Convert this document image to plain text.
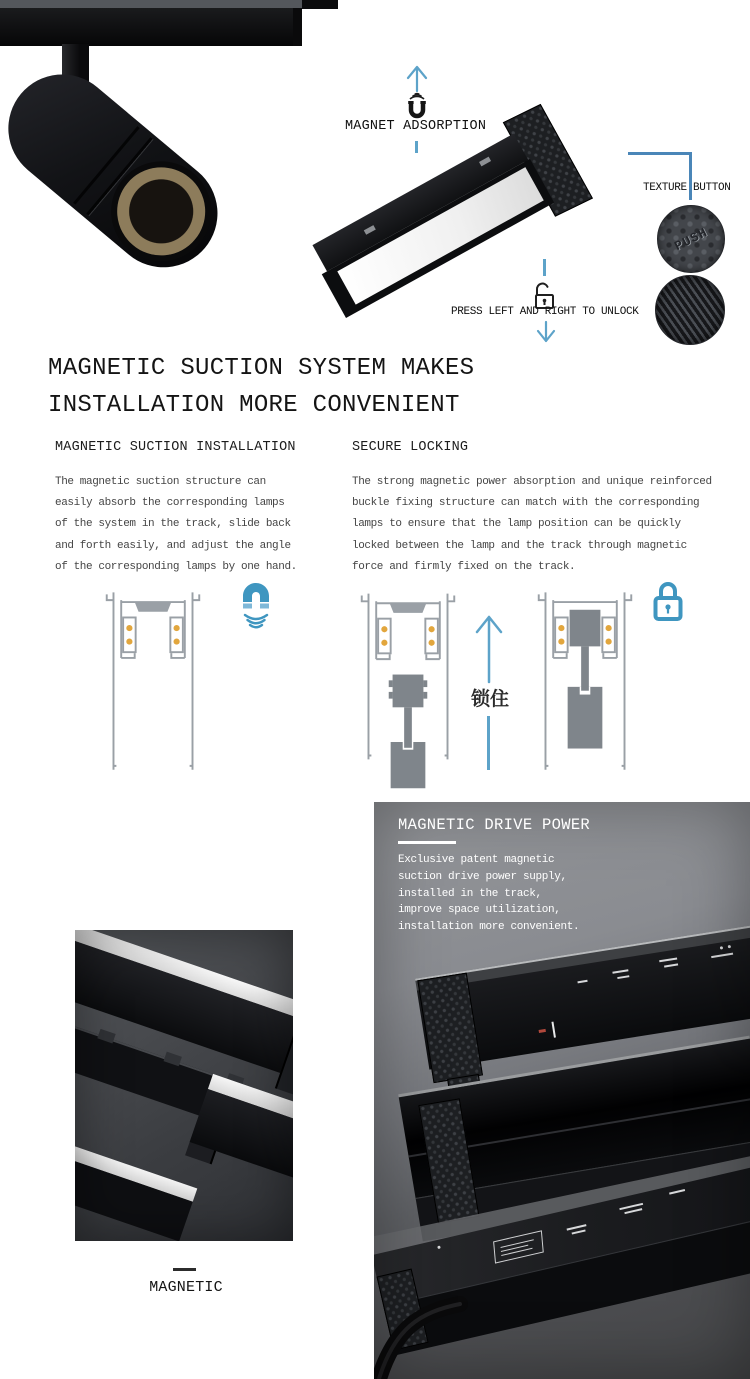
MAGNET ADSORPTION
TEXTURE BUTTON
PUSH
PRESS LEFT AND RIGHT TO UNLOCK
MAGNETIC SUCTION SYSTEM MAKES
INSTALLATION MORE CONVENIENT
MAGNETIC SUCTION INSTALLATION
The magnetic suction structure can
easily absorb the corresponding lamps
of the system in the track, slide back
and forth easily, and adjust the angle
of the corresponding lamps by one hand.
SECURE LOCKING
The strong magnetic power absorption and unique reinforced
buckle fixing structure can match with the corresponding
lamps to ensure that the lamp position can be quickly
locked between the lamp and the track through magnetic
force and firmly fixed on the track.
锁住
MAGNETIC DRIVE POWER
Exclusive patent magnetic
suction drive power supply,
installed in the track,
improve space utilization,
installation more convenient.
MAGNETIC
